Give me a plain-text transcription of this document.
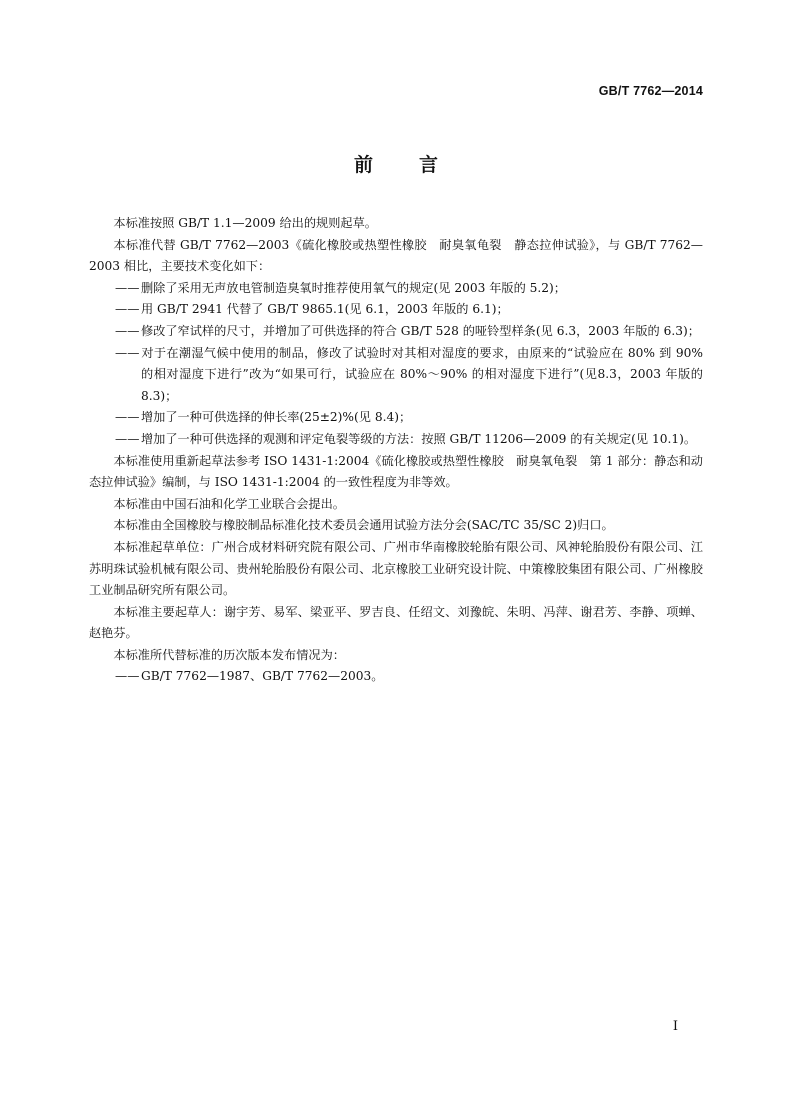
GB/T 7762—2014
前 言

本标准按照 GB/T 1.1—2009 给出的规则起草。

本标准代替 GB/T 7762—2003《硫化橡胶或热塑性橡胶　耐臭氧龟裂　静态拉伸试验》，与 GB/T 7762—2003 相比，主要技术变化如下：

—— 删除了采用无声放电管制造臭氧时推荐使用氧气的规定(见 2003 年版的 5.2)；

—— 用 GB/T 2941 代替了 GB/T 9865.1(见 6.1，2003 年版的 6.1)；

—— 修改了窄试样的尺寸，并增加了可供选择的符合 GB/T 528 的哑铃型样条(见 6.3，2003 年版的 6.3)；

—— 对于在潮湿气候中使用的制品，修改了试验时对其相对湿度的要求，由原来的“试验应在 80% 到 90% 的相对湿度下进行”改为“如果可行，试验应在 80%～90% 的相对湿度下进行”(见8.3，2003 年版的 8.3)；

—— 增加了一种可供选择的伸长率(25±2)%(见 8.4)；

—— 增加了一种可供选择的观测和评定龟裂等级的方法：按照 GB/T 11206—2009 的有关规定(见 10.1)。

本标准使用重新起草法参考 ISO 1431-1:2004《硫化橡胶或热塑性橡胶　耐臭氧龟裂　第 1 部分：静态和动态拉伸试验》编制，与 ISO 1431-1:2004 的一致性程度为非等效。

本标准由中国石油和化学工业联合会提出。

本标准由全国橡胶与橡胶制品标准化技术委员会通用试验方法分会(SAC/TC 35/SC 2)归口。

本标准起草单位：广州合成材料研究院有限公司、广州市华南橡胶轮胎有限公司、风神轮胎股份有限公司、江苏明珠试验机械有限公司、贵州轮胎股份有限公司、北京橡胶工业研究设计院、中策橡胶集团有限公司、广州橡胶工业制品研究所有限公司。

本标准主要起草人：谢宇芳、易军、梁亚平、罗吉良、任绍文、刘豫皖、朱明、冯萍、谢君芳、李静、项蝉、赵艳芬。

本标准所代替标准的历次版本发布情况为：

—— GB/T 7762—1987、GB/T 7762—2003。

I
